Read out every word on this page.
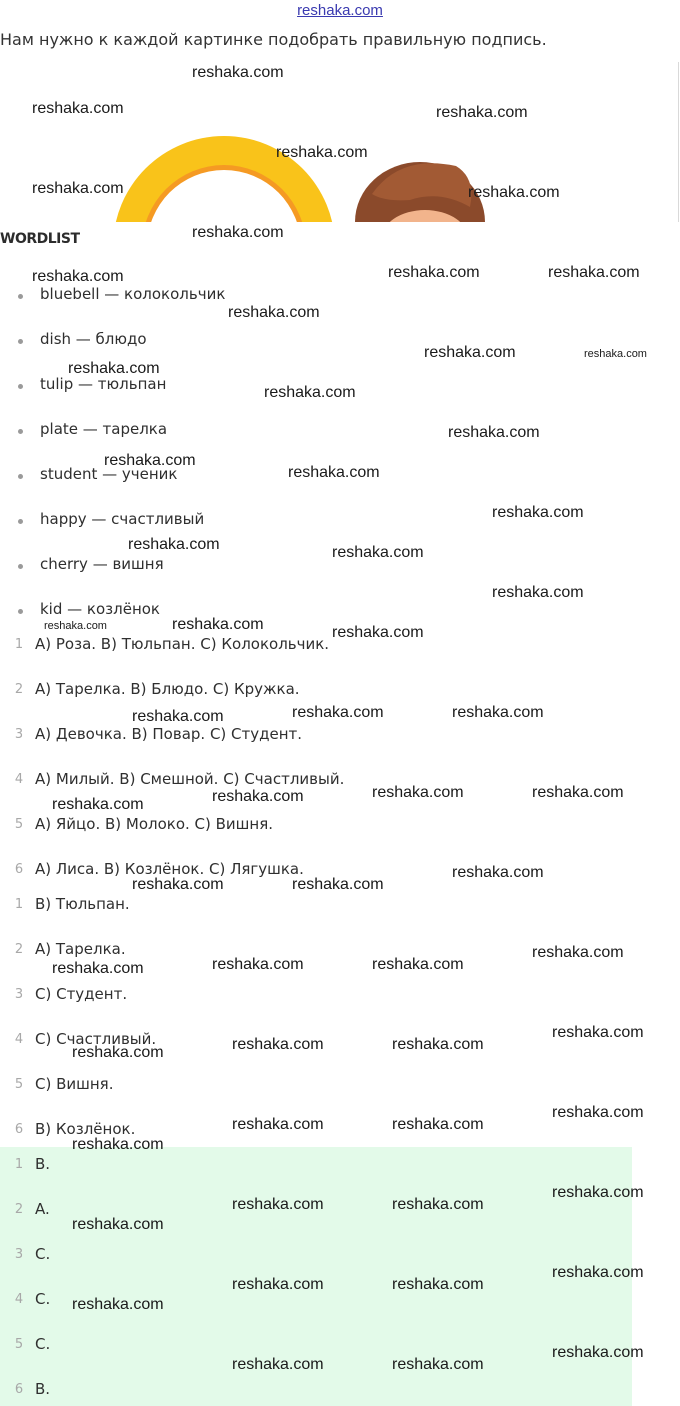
reshaka.com
Нам нужно к каждой картинке подобрать правильную подпись.
WORDLIST
bluebell — колокольчик
dish — блюдо
tulip — тюльпан
plate — тарелка
student — ученик
happy — счастливый
cherry — вишня
kid — козлёнок
1 A) Роза. B) Тюльпан. C) Колокольчик.
2 A) Тарелка. B) Блюдо. C) Кружка.
3 A) Девочка. B) Повар. C) Студент.
4 A) Милый. B) Смешной. C) Счастливый.
5 A) Яйцо. B) Молоко. C) Вишня.
6 A) Лиса. B) Козлёнок. C) Лягушка.
1 B) Тюльпан.
2 A) Тарелка.
3 C) Студент.
4 C) Счастливый.
5 C) Вишня.
6 B) Козлёнок.
1 B.
2 A.
3 C.
4 C.
5 C.
6 B.
reshaka.com
reshaka.com	reshaka.com
reshaka.com
reshaka.com	reshaka.com
reshaka.com
reshaka.com	reshaka.com	reshaka.com
reshaka.com
reshaka.com	reshaka.com
reshaka.com
reshaka.com
reshaka.com
reshaka.com
reshaka.com
reshaka.com
reshaka.com	reshaka.com
reshaka.com
reshaka.com
reshaka.com	reshaka.com
reshaka.com	reshaka.com	reshaka.com
reshaka.com	reshaka.com	reshaka.com	reshaka.com
reshaka.com	reshaka.com
reshaka.com
reshaka.com
reshaka.com	reshaka.com	reshaka.com
reshaka.com
reshaka.com	reshaka.com	reshaka.com
reshaka.com
reshaka.com	reshaka.com
reshaka.com
reshaka.com
reshaka.com	reshaka.com
reshaka.com
reshaka.com
reshaka.com	reshaka.com
reshaka.com
reshaka.com
reshaka.com	reshaka.com
